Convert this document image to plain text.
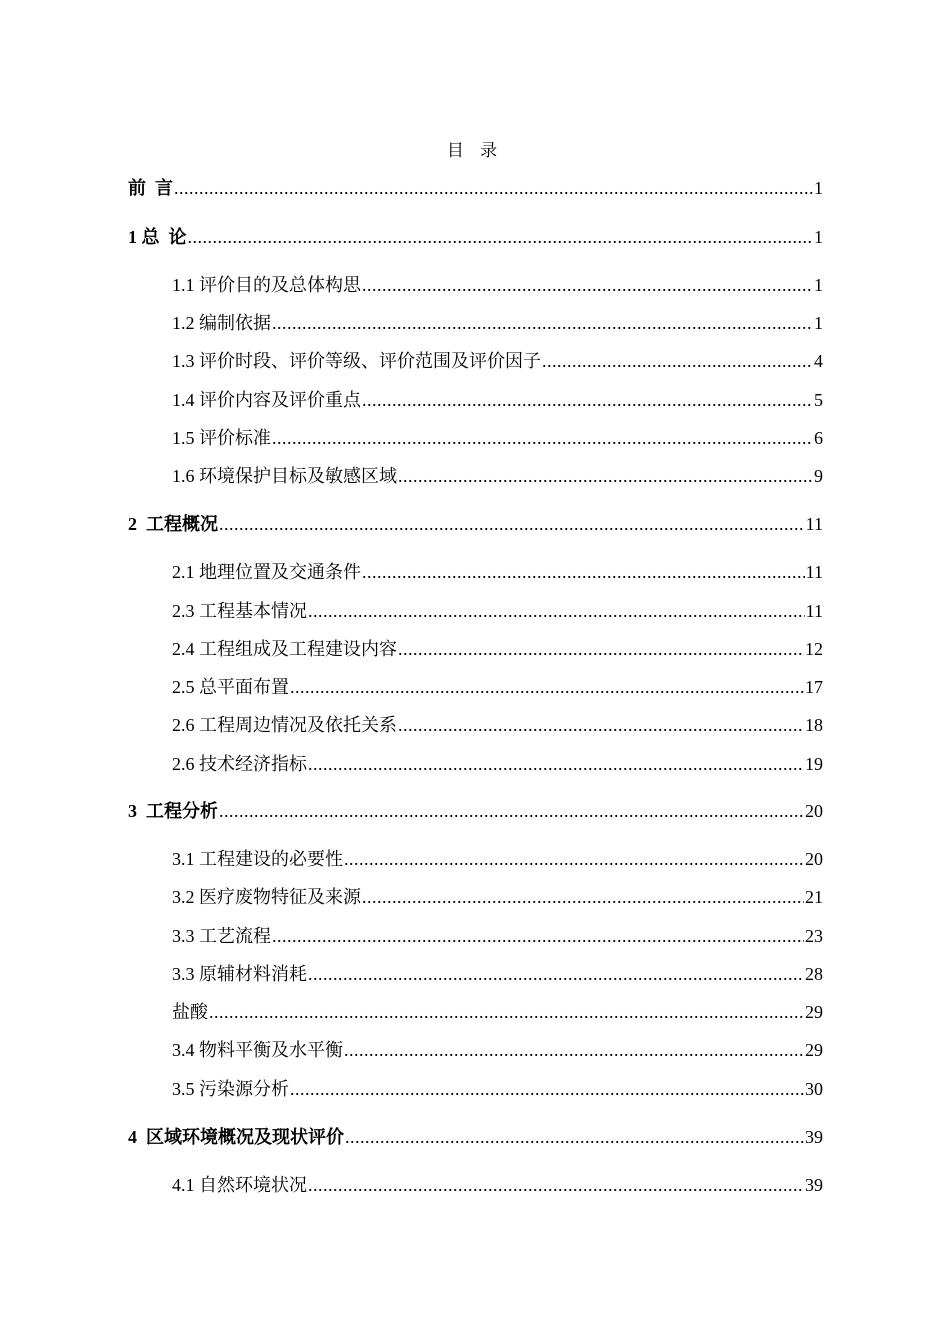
目 录
前  言 .....	1
1 总  论 .....	1
1.1 评价目的及总体构思 .....	1
1.2 编制依据 .....	1
1.3 评价时段、评价等级、评价范围及评价因子 .....	4
1.4 评价内容及评价重点 .....	5
1.5 评价标准 .....	6
1.6 环境保护目标及敏感区域 .....	9
2  工程概况 .....	11
2.1 地理位置及交通条件 .....	11
2.3 工程基本情况 .....	11
2.4 工程组成及工程建设内容 .....	12
2.5 总平面布置 .....	17
2.6 工程周边情况及依托关系 .....	18
2.6 技术经济指标 .....	19
3  工程分析 .....	20
3.1 工程建设的必要性 .....	20
3.2 医疗废物特征及来源 .....	21
3.3 工艺流程 .....	23
3.3 原辅材料消耗 .....	28
盐酸 .....	29
3.4 物料平衡及水平衡 .....	29
3.5 污染源分析 .....	30
4  区域环境概况及现状评价 .....	39
4.1 自然环境状况 .....	39
